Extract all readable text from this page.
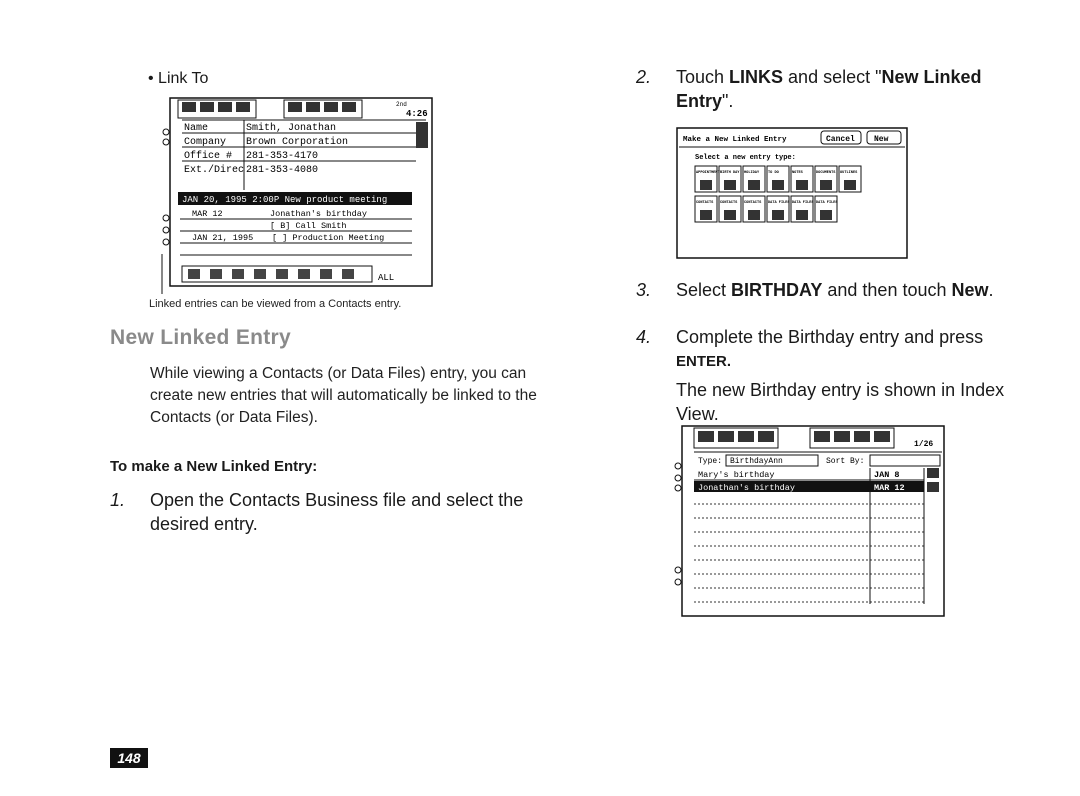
• Link To
2nd
4:26
Name	Smith, Jonathan
Company Brown Corporation
Office # 281-353-4170
Ext./Direc 281-353-4080
JAN 20, 1995 2:00P New product meeting
MAR 12	Jonathan's birthday
[ B] Call Smith
JAN 21, 1995 [ ] Production Meeting
ALL
Linked entries can be viewed from a Contacts entry.
New Linked Entry
While viewing a Contacts (or Data Files) entry, you can create new entries that will automatically be linked to the Contacts (or Data Files).
To make a New Linked Entry:
1. Open the Contacts Business file and select the desired entry.
2. Touch LINKS and select "New Linked Entry".
Make a New Linked Entry	Cancel New
Select a new entry type:
APPOINTMENT BIRTH DAY HOLIDAY TO DO	NOTES	DOCUMENTS OUTLINES
CONTACTS CONTACTS CONTACTS DATA FILES DATA FILES DATA FILES
3. Select BIRTHDAY and then touch New.
4. Complete the Birthday entry and press
ENTER.
The new Birthday entry is shown in Index View.
1/26
Type: BirthdayAnn	Sort By:
Mary's birthday	JAN 8
Jonathan's birthday	MAR 12
148
